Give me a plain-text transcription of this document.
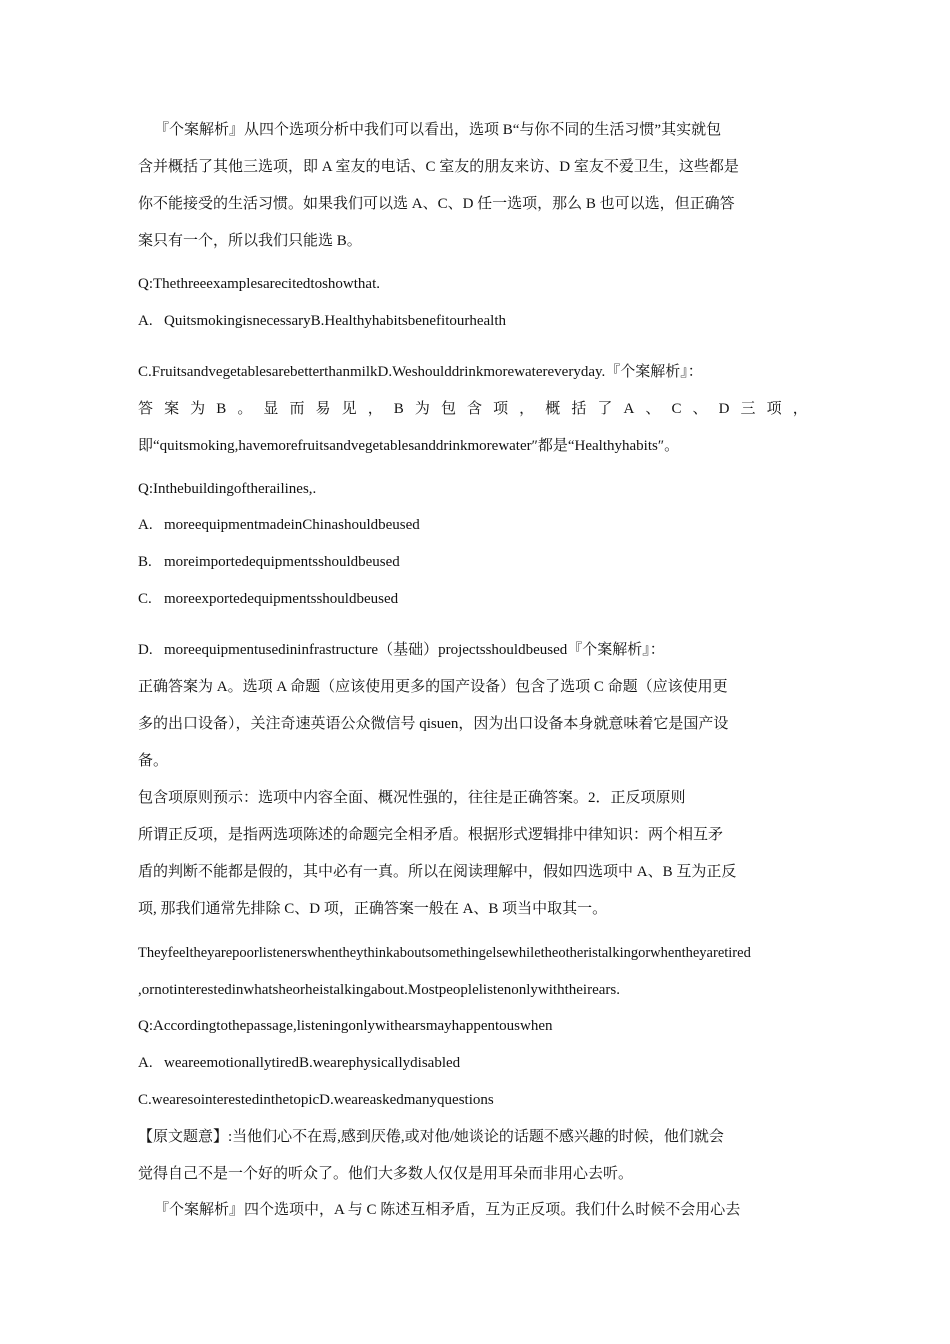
『个案解析』从四个选项分析中我们可以看出，选项 B“与你不同的生活习惯”其实就包
含并概括了其他三选项，即 A 室友的电话、C 室友的朋友来访、D 室友不爱卫生，这些都是
你不能接受的生活习惯。如果我们可以选 A、C、D 任一选项，那么 B 也可以选，但正确答
案只有一个，所以我们只能选 B。
Q:Thethreeexamplesarecitedtoshowthat.
A. QuitsmokingisnecessaryB.Healthyhabitsbenefitourhealth
C.FruitsandvegetablesarebetterthanmilkD.Weshoulddrinkmorewatereveryday.『个案解析』：
答 案 为 B 。 显 而 易 见 ， B 为 包 含 项 ， 概 括 了 A 、 C 、 D 三 项 ，
即“quitsmoking,havemorefruitsandvegetablesanddrinkmorewater″都是“Healthyhabits″。
Q:Inthebuildingoftherailines,.
A. moreequipmentmadeinChinashouldbeused
B. moreimportedequipmentsshouldbeused
C. moreexportedequipmentsshouldbeused
D. moreequipmentusedininfrastructure（基础）projectsshouldbeused『个案解析』：
正确答案为 A。选项 A 命题（应该使用更多的国产设备）包含了选项 C 命题（应该使用更
多的出口设备），关注奇速英语公众微信号 qisuen，因为出口设备本身就意味着它是国产设
备。
包含项原则预示：选项中内容全面、概况性强的，往往是正确答案。2．正反项原则
所谓正反项，是指两选项陈述的命题完全相矛盾。根据形式逻辑排中律知识：两个相互矛
盾的判断不能都是假的，其中必有一真。所以在阅读理解中，假如四选项中 A、B 互为正反
项, 那我们通常先排除 C、D 项，正确答案一般在 A、B 项当中取其一。
Theyfeeltheyarepoorlistenerswhentheythinkaboutsomethingelsewhiletheotheristalkingorwhentheyaretired
,ornotinterestedinwhatsheorheistalkingabout.Mostpeoplelistenonlywiththeirears.
Q:Accordingtothepassage,listeningonlywithearsmayhappentouswhen
A. weareemotionallytiredB.wearephysicallydisabled
C.wearesointerestedinthetopicD.weareaskedmanyquestions
【原文题意】:当他们心不在焉,感到厌倦,或对他/她谈论的话题不感兴趣的时候，他们就会
觉得自己不是一个好的听众了。他们大多数人仅仅是用耳朵而非用心去听。
『个案解析』四个选项中，A 与 C 陈述互相矛盾，互为正反项。我们什么时候不会用心去
